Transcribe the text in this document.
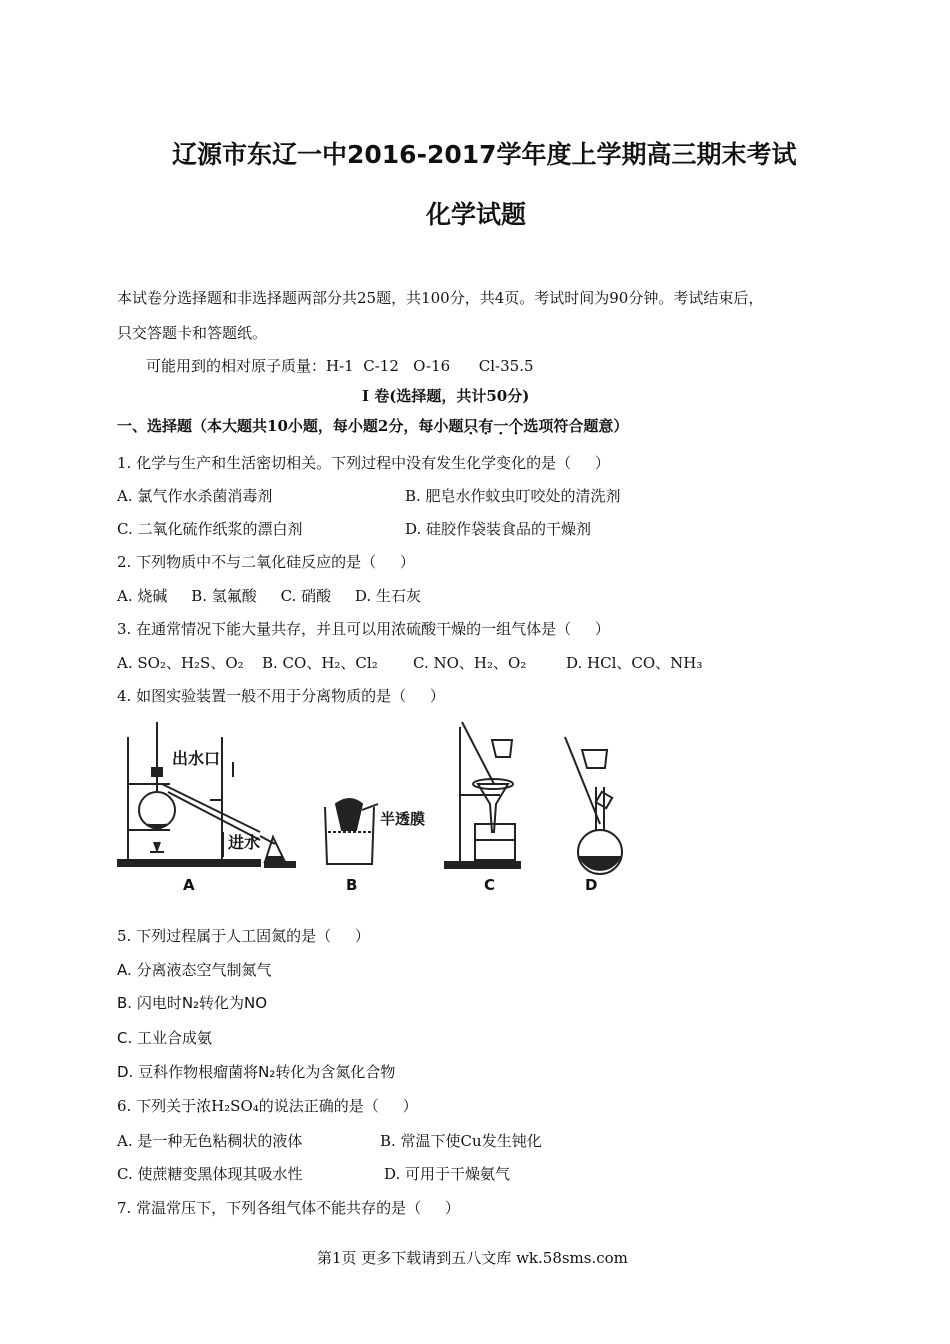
辽源市东辽一中2016-2017学年度上学期高三期末考试
化学试题
本试卷分选择题和非选择题两部分共25题，共100分，共4页。考试时间为90分钟。考试结束后，
只交答题卡和答题纸。
可能用到的相对原子质量：H-1  C-12   O-16      Cl-35.5
Ⅰ 卷(选择题，共计50分)
一、选择题（本大题共10小题，每小题2分，每小题只有一个选项符合题意）
1. 化学与生产和生活密切相关。下列过程中没有发生化学变化的是（     ）
A. 氯气作水杀菌消毒剂	B. 肥皂水作蚊虫叮咬处的清洗剂
C. 二氧化硫作纸浆的漂白剂	D. 硅胶作袋装食品的干燥剂
2. 下列物质中不与二氧化硅反应的是（     ）
A. 烧碱     B. 氢氟酸     C. 硝酸     D. 生石灰
3. 在通常情况下能大量共存，并且可以用浓硫酸干燥的一组气体是（     ）
A. SO₂、H₂S、O₂ B. CO、H₂、Cl₂ C. NO、H₂、O₂	D. HCl、CO、NH₃
4. 如图实验装置一般不用于分离物质的是（     ）
出水口
进水
半透膜
A	B	C	D
5. 下列过程属于人工固氮的是（     ）
A. 分离液态空气制氮气
B. 闪电时N₂转化为NO
C. 工业合成氨
D. 豆科作物根瘤菌将N₂转化为含氮化合物
6. 下列关于浓H₂SO₄的说法正确的是（     ）
A. 是一种无色粘稠状的液体	B. 常温下使Cu发生钝化
C. 使蔗糖变黑体现其吸水性	D. 可用于干燥氨气
7. 常温常压下，下列各组气体不能共存的是（     ）
第1页 更多下载请到五八文库 wk.58sms.com
